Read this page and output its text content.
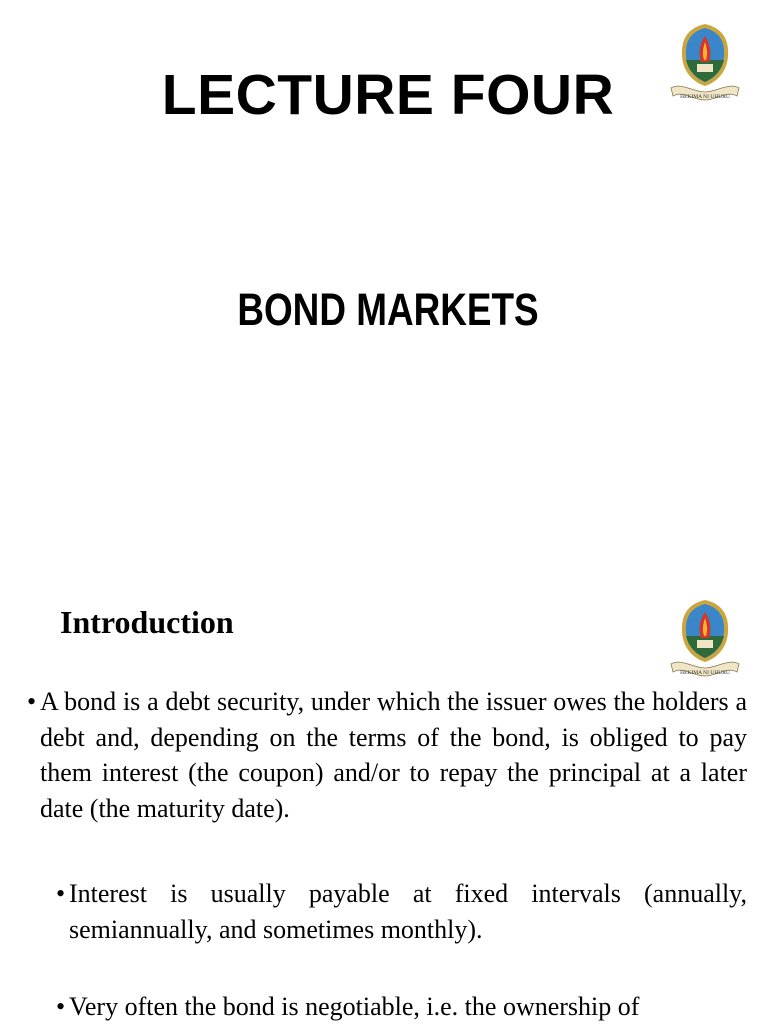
LECTURE FOUR	HEKIMA NI UHURU
BOND MARKETS
Introduction
HEKIMA NI UHURU
• A bond is a debt security, under which the issuer owes the holders a debt and, depending on the terms of the bond, is obliged to pay them interest (the coupon) and/or to repay the principal at a later date (the maturity date).
• Interest is usually payable at fixed intervals (annually, semiannually, and sometimes monthly).
• Very often the bond is negotiable, i.e. the ownership of
